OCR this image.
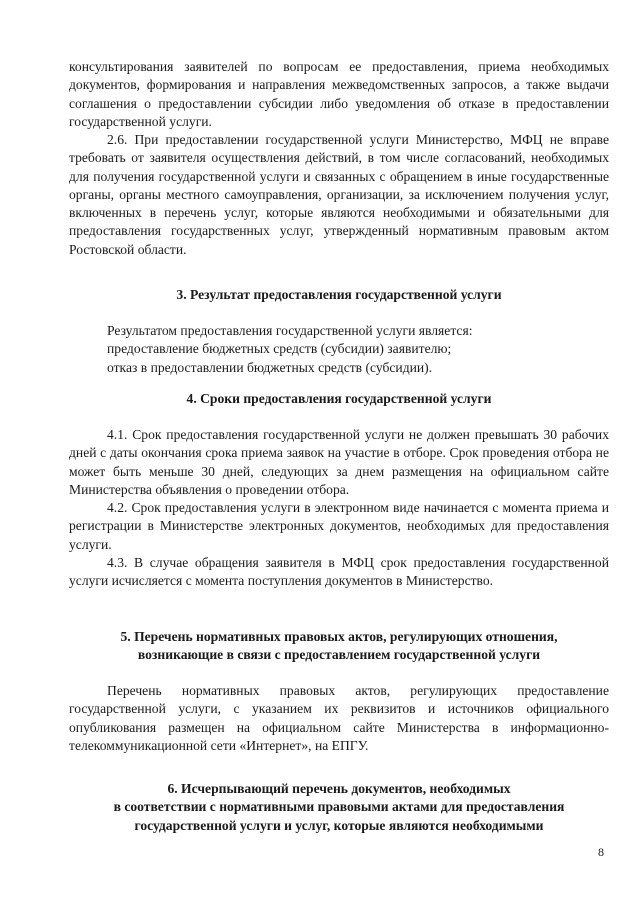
консультирования заявителей по вопросам ее предоставления, приема необходимых документов, формирования и направления межведомственных запросов, а также выдачи соглашения о предоставлении субсидии либо уведомления об отказе в предоставлении государственной услуги.

2.6. При предоставлении государственной услуги Министерство, МФЦ не вправе требовать от заявителя осуществления действий, в том числе согласований, необходимых для получения государственной услуги и связанных с обращением в иные государственные органы, органы местного самоуправления, организации, за исключением получения услуг, включенных в перечень услуг, которые являются необходимыми и обязательными для предоставления государственных услуг, утвержденный нормативным правовым актом Ростовской области.

3. Результат предоставления государственной услуги

Результатом предоставления государственной услуги является:

предоставление бюджетных средств (субсидии) заявителю;

отказ в предоставлении бюджетных средств (субсидии).

4. Сроки предоставления государственной услуги

4.1. Срок предоставления государственной услуги не должен превышать 30 рабочих дней с даты окончания срока приема заявок на участие в отборе. Срок проведения отбора не может быть меньше 30 дней, следующих за днем размещения на официальном сайте Министерства объявления о проведении отбора.

4.2. Срок предоставления услуги в электронном виде начинается с момента приема и регистрации в Министерстве электронных документов, необходимых для предоставления услуги.

4.3. В случае обращения заявителя в МФЦ срок предоставления государственной услуги исчисляется с момента поступления документов в Министерство.

5. Перечень нормативных правовых актов, регулирующих отношения,
возникающие в связи с предоставлением государственной услуги

Перечень нормативных правовых актов, регулирующих предоставление государственной услуги, с указанием их реквизитов и источников официального опубликования размещен на официальном сайте Министерства в информационно-телекоммуникационной сети «Интернет», на ЕПГУ.

6. Исчерпывающий перечень документов, необходимых
в соответствии с нормативными правовыми актами для предоставления
государственной услуги и услуг, которые являются необходимыми
8
